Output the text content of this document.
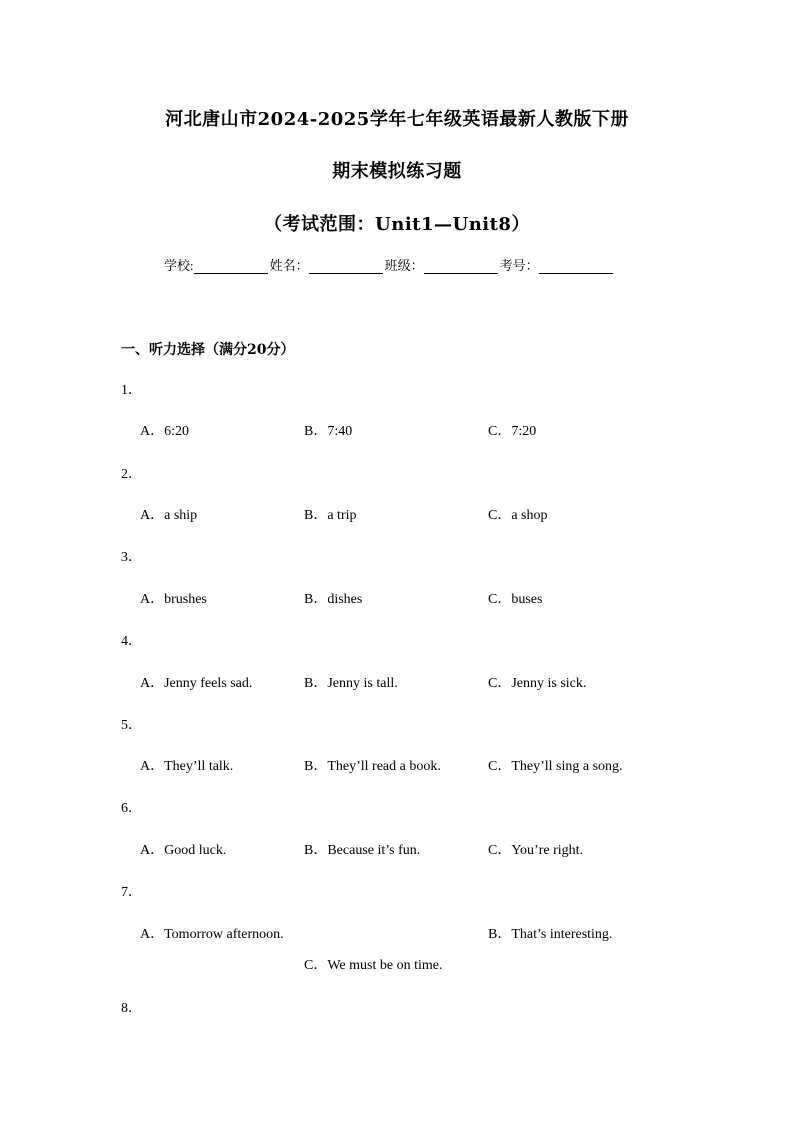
河北唐山市2024-2025学年七年级英语最新人教版下册
期末模拟练习题
（考试范围：Unit1—Unit8）
学校:	姓名：	班级：	考号：
一、听力选择（满分20分）
1．
A．6:20	B．7:40	C．7:20
2．
A．a ship	B．a trip	C．a shop
3．
A．brushes	B．dishes	C．buses
4．
A．Jenny feels sad.	B．Jenny is tall.	C．Jenny is sick.
5．
A．They’ll talk.	B．They’ll read a book.	C．They’ll sing a song.
6．
A．Good luck.	B．Because it’s fun.	C．You’re right.
7．
A．Tomorrow afternoon.	B．That’s interesting.
C．We must be on time.
8．
